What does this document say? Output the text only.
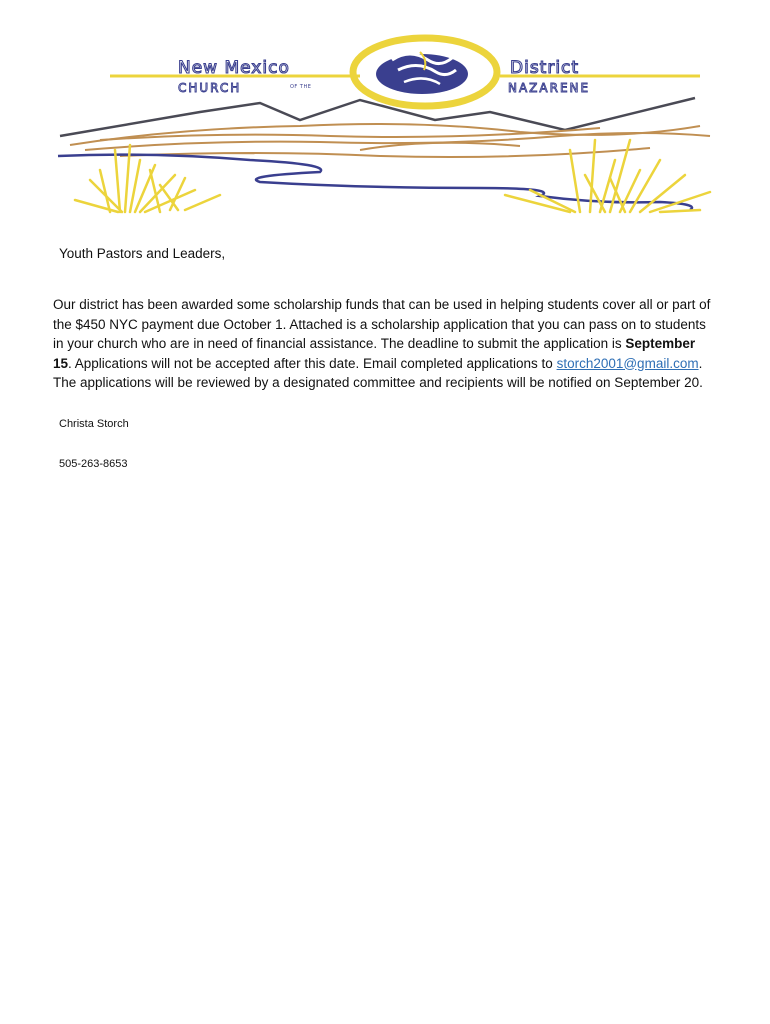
New Mexico
CHURCH	OF THE
District
NAZARENE

Youth Pastors and Leaders,

Our district has been awarded some scholarship funds that can be used in helping students cover all or part of the $450 NYC payment due October 1. Attached is a scholarship application that you can pass on to students in your church who are in need of financial assistance. The deadline to submit the application is September 15. Applications will not be accepted after this date. Email completed applications to storch2001@gmail.com. The applications will be reviewed by a designated committee and recipients will be notified on September 20.

Christa Storch

505-263-8653
